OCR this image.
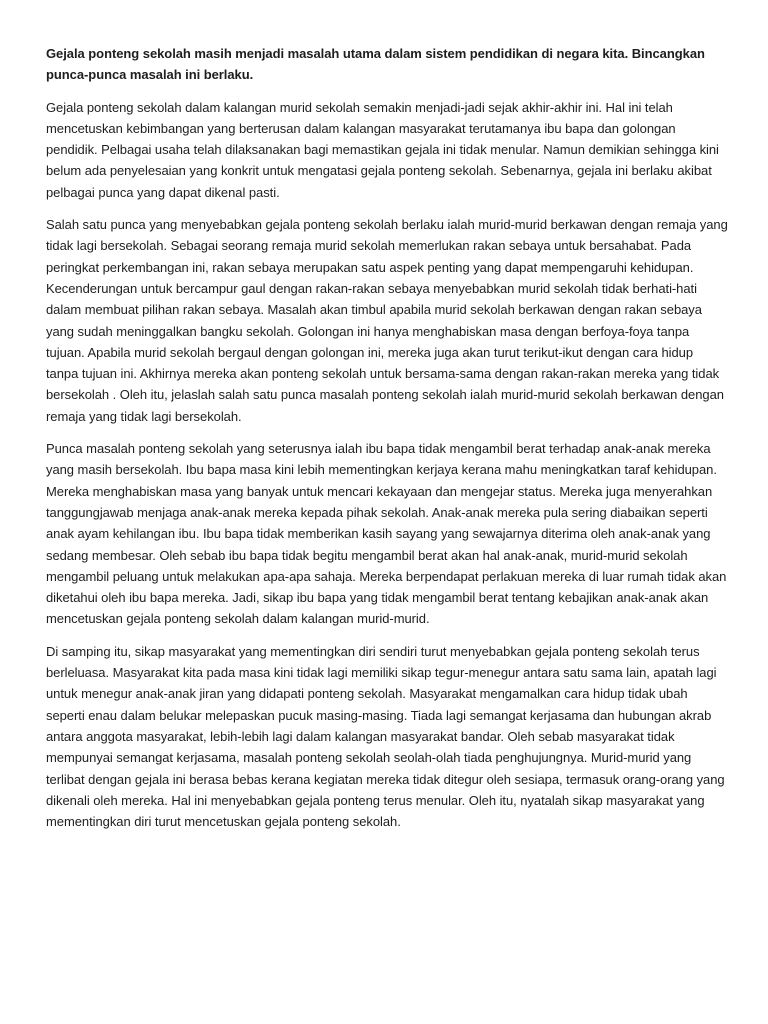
Gejala ponteng sekolah masih menjadi masalah utama dalam sistem pendidikan di negara kita. Bincangkan punca-punca masalah ini berlaku.

Gejala ponteng sekolah dalam kalangan murid sekolah semakin menjadi-jadi sejak akhir-akhir ini. Hal ini telah mencetuskan kebimbangan yang berterusan dalam kalangan masyarakat terutamanya ibu bapa dan golongan pendidik. Pelbagai usaha telah dilaksanakan bagi memastikan gejala ini tidak menular. Namun demikian sehingga kini belum ada penyelesaian yang konkrit untuk mengatasi gejala ponteng sekolah. Sebenarnya, gejala ini berlaku akibat pelbagai punca yang dapat dikenal pasti.

Salah satu punca yang menyebabkan gejala ponteng sekolah berlaku ialah murid-murid berkawan dengan remaja yang tidak lagi bersekolah. Sebagai seorang remaja murid sekolah memerlukan rakan sebaya untuk bersahabat. Pada peringkat perkembangan ini, rakan sebaya merupakan satu aspek penting yang dapat mempengaruhi kehidupan. Kecenderungan untuk bercampur gaul dengan rakan-rakan sebaya menyebabkan murid sekolah tidak berhati-hati dalam membuat pilihan rakan sebaya. Masalah akan timbul apabila murid sekolah berkawan dengan rakan sebaya yang sudah meninggalkan bangku sekolah. Golongan ini hanya menghabiskan masa dengan berfoya-foya tanpa tujuan. Apabila murid sekolah bergaul dengan golongan ini, mereka juga akan turut terikut-ikut dengan cara hidup tanpa tujuan ini. Akhirnya mereka akan ponteng sekolah untuk bersama-sama dengan rakan-rakan mereka yang tidak bersekolah . Oleh itu, jelaslah salah satu punca masalah ponteng sekolah ialah murid-murid sekolah berkawan dengan remaja yang tidak lagi bersekolah.

Punca masalah ponteng sekolah yang seterusnya ialah ibu bapa tidak mengambil berat terhadap anak-anak mereka yang masih bersekolah. Ibu bapa masa kini lebih mementingkan kerjaya kerana mahu meningkatkan taraf kehidupan. Mereka menghabiskan masa yang banyak untuk mencari kekayaan dan mengejar status. Mereka juga menyerahkan tanggungjawab menjaga anak-anak mereka kepada pihak sekolah. Anak-anak mereka pula sering diabaikan seperti anak ayam kehilangan ibu. Ibu bapa tidak memberikan kasih sayang yang sewajarnya diterima oleh anak-anak yang sedang membesar. Oleh sebab ibu bapa tidak begitu mengambil berat akan hal anak-anak, murid-murid sekolah mengambil peluang untuk melakukan apa-apa sahaja. Mereka berpendapat perlakuan mereka di luar rumah tidak akan diketahui oleh ibu bapa mereka. Jadi, sikap ibu bapa yang tidak mengambil berat tentang kebajikan anak-anak akan mencetuskan gejala ponteng sekolah dalam kalangan murid-murid.

Di samping itu, sikap masyarakat yang mementingkan diri sendiri turut menyebabkan gejala ponteng sekolah terus berleluasa. Masyarakat kita pada masa kini tidak lagi memiliki sikap tegur-menegur antara satu sama lain, apatah lagi untuk menegur anak-anak jiran yang didapati ponteng sekolah. Masyarakat mengamalkan cara hidup tidak ubah seperti enau dalam belukar melepaskan pucuk masing-masing. Tiada lagi semangat kerjasama dan hubungan akrab antara anggota masyarakat, lebih-lebih lagi dalam kalangan masyarakat bandar. Oleh sebab masyarakat tidak mempunyai semangat kerjasama, masalah ponteng sekolah seolah-olah tiada penghujungnya. Murid-murid yang terlibat dengan gejala ini berasa bebas kerana kegiatan mereka tidak ditegur oleh sesiapa, termasuk orang-orang yang dikenali oleh mereka. Hal ini menyebabkan gejala ponteng terus menular. Oleh itu, nyatalah sikap masyarakat yang mementingkan diri turut mencetuskan gejala ponteng sekolah.
